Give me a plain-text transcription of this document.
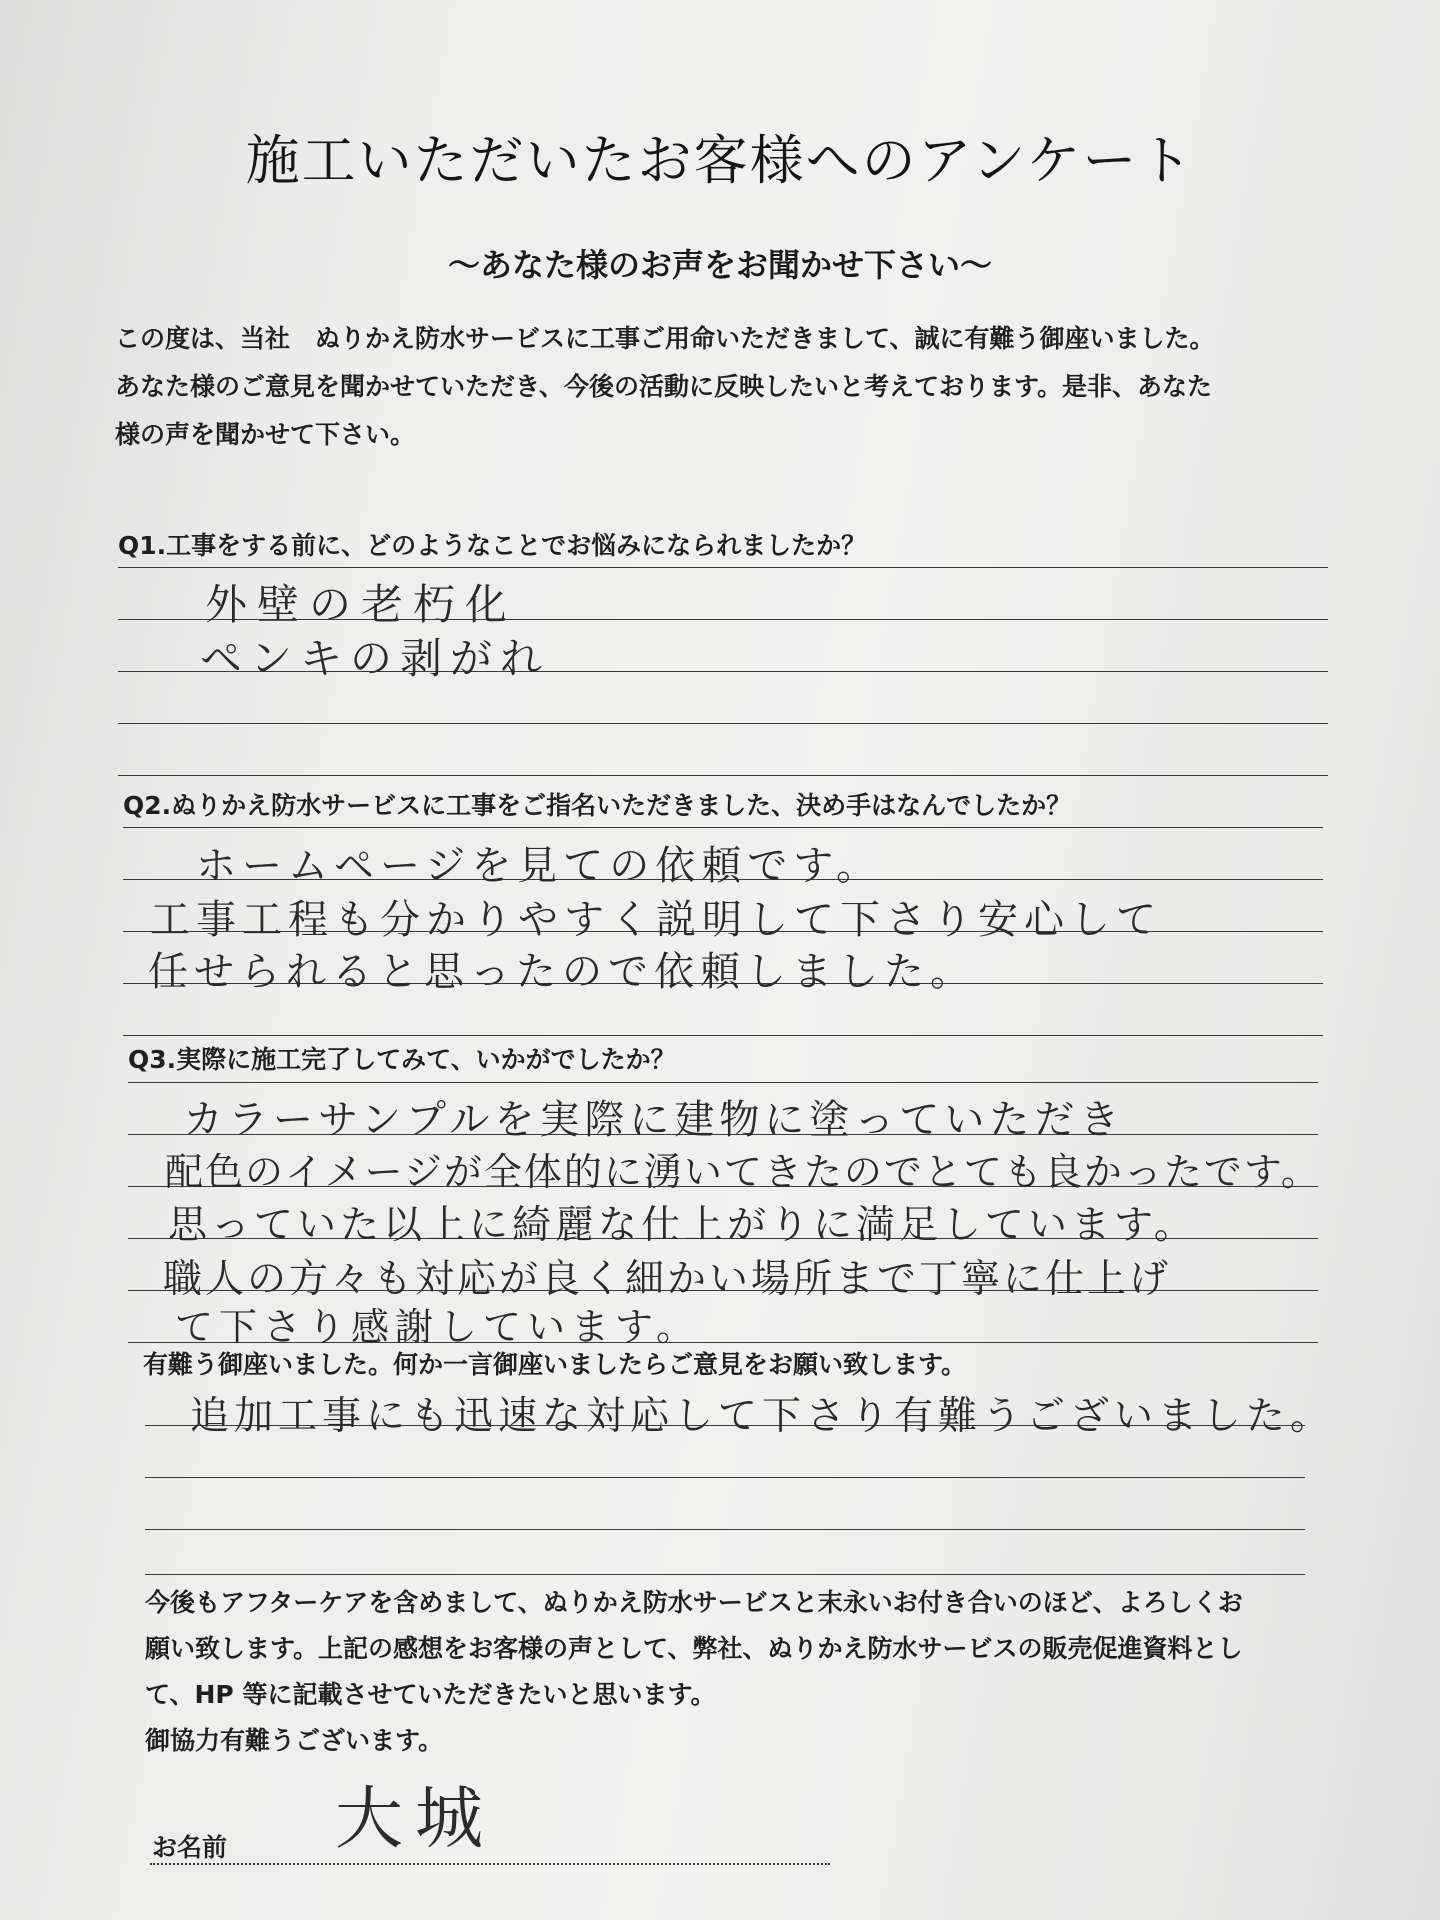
施工いただいたお客様へのアンケート
～あなた様のお声をお聞かせ下さい～
この度は、当社　ぬりかえ防水サービスに工事ご用命いただきまして、誠に有難う御座いました。
あなた様のご意見を聞かせていただき、今後の活動に反映したいと考えております。是非、あなた
様の声を聞かせて下さい。
Q1.工事をする前に、どのようなことでお悩みになられましたか？
外壁の老朽化
ペンキの剥がれ
Q2.ぬりかえ防水サービスに工事をご指名いただきました、決め手はなんでしたか？
ホームページを見ての依頼です。
工事工程も分かりやすく説明して下さり安心して
任せられると思ったので依頼しました。
Q3.実際に施工完了してみて、いかがでしたか？
カラーサンプルを実際に建物に塗っていただき
配色のイメージが全体的に湧いてきたのでとても良かったです。
思っていた以上に綺麗な仕上がりに満足しています。
職人の方々も対応が良く細かい場所まで丁寧に仕上げ
て下さり感謝しています。
有難う御座いました。何か一言御座いましたらご意見をお願い致します。
追加工事にも迅速な対応して下さり有難うございました。
今後もアフターケアを含めまして、ぬりかえ防水サービスと末永いお付き合いのほど、よろしくお
願い致します。上記の感想をお客様の声として、弊社、ぬりかえ防水サービスの販売促進資料とし
て、HP 等に記載させていただきたいと思います。
御協力有難うございます。
お名前 大城
